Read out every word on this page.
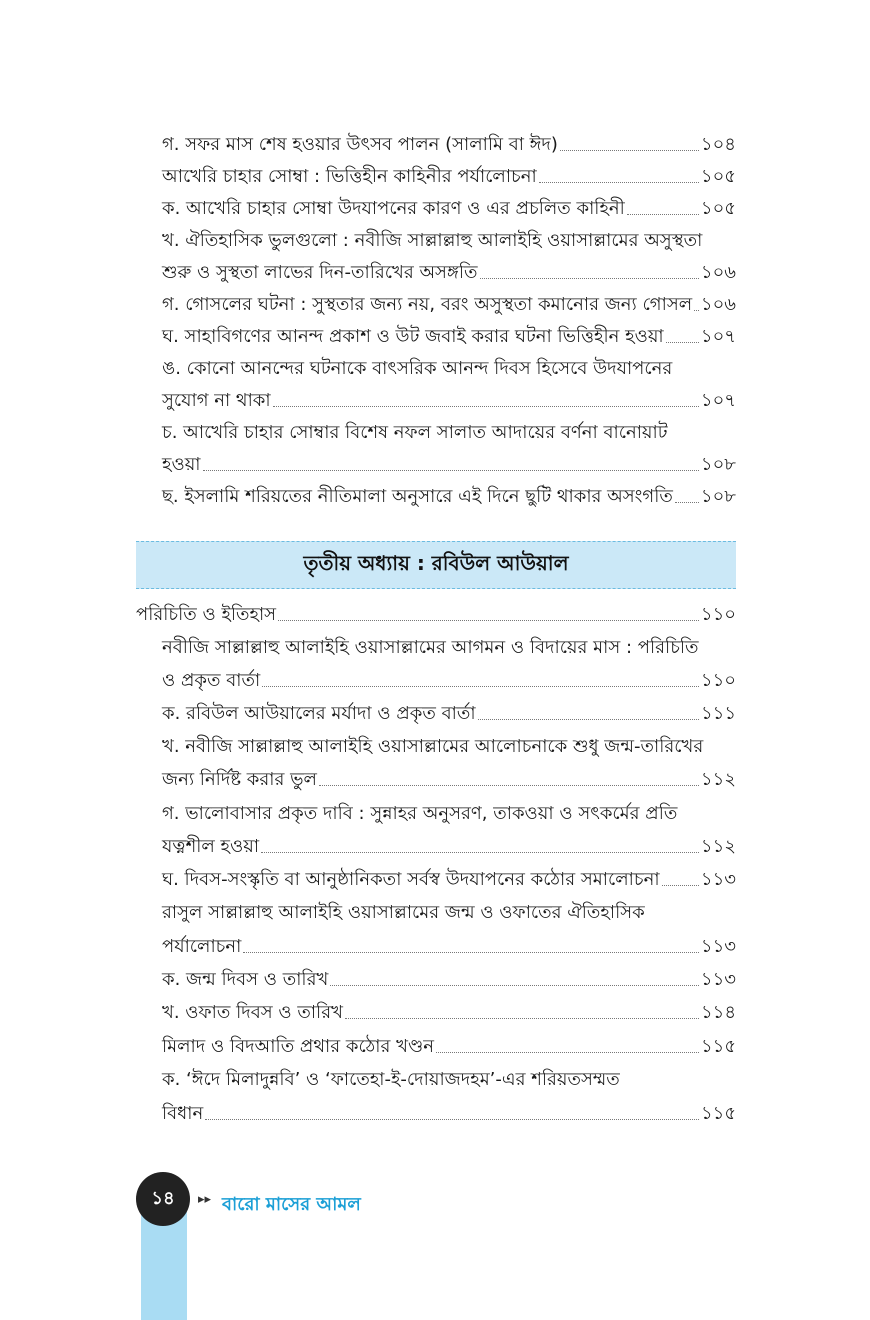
গ. সফর মাস শেষ হওয়ার উৎসব পালন (সালামি বা ঈদ)	১০৪
আখেরি চাহার সোম্বা : ভিত্তিহীন কাহিনীর পর্যালোচনা	১০৫
ক. আখেরি চাহার সোম্বা উদযাপনের কারণ ও এর প্রচলিত কাহিনী	১০৫
খ. ঐতিহাসিক ভুলগুলো : নবীজি সাল্লাল্লাহু আলাইহি ওয়াসাল্লামের অসুস্থতা
শুরু ও সুস্থতা লাভের দিন-তারিখের অসঙ্গতি	১০৬
গ. গোসলের ঘটনা : সুস্থতার জন্য নয়, বরং অসুস্থতা কমানোর জন্য গোসল ১০৬
ঘ. সাহাবিগণের আনন্দ প্রকাশ ও উট জবাই করার ঘটনা ভিত্তিহীন হওয়া ১০৭
ঙ. কোনো আনন্দের ঘটনাকে বাৎসরিক আনন্দ দিবস হিসেবে উদযাপনের
সুযোগ না থাকা	১০৭
চ. আখেরি চাহার সোম্বার বিশেষ নফল সালাত আদায়ের বর্ণনা বানোয়াট
হওয়া	১০৮
ছ. ইসলামি শরিয়তের নীতিমালা অনুসারে এই দিনে ছুটি থাকার অসংগতি ১০৮
তৃতীয় অধ্যায় : রবিউল আউয়াল
পরিচিতি ও ইতিহাস	১১০
নবীজি সাল্লাল্লাহু আলাইহি ওয়াসাল্লামের আগমন ও বিদায়ের মাস : পরিচিতি
ও প্রকৃত বার্তা	১১০
ক. রবিউল আউয়ালের মর্যাদা ও প্রকৃত বার্তা	১১১
খ. নবীজি সাল্লাল্লাহু আলাইহি ওয়াসাল্লামের আলোচনাকে শুধু জন্ম-তারিখের
জন্য নির্দিষ্ট করার ভুল	১১২
গ. ভালোবাসার প্রকৃত দাবি : সুন্নাহর অনুসরণ, তাকওয়া ও সৎকর্মের প্রতি
যত্নশীল হওয়া	১১২
ঘ. দিবস-সংস্কৃতি বা আনুষ্ঠানিকতা সর্বস্ব উদযাপনের কঠোর সমালোচনা ১১৩
রাসুল সাল্লাল্লাহু আলাইহি ওয়াসাল্লামের জন্ম ও ওফাতের ঐতিহাসিক
পর্যালোচনা	১১৩
ক. জন্ম দিবস ও তারিখ	১১৩
খ. ওফাত দিবস ও তারিখ	১১৪
মিলাদ ও বিদআতি প্রথার কঠোর খণ্ডন	১১৫
ক. ‘ঈদে মিলাদুন্নবি’ ও ‘ফাতেহা-ই-দোয়াজদহম’-এর শরিয়তসম্মত
বিধান	১১৫
১৪ ▸▸ বারো মাসের আমল
